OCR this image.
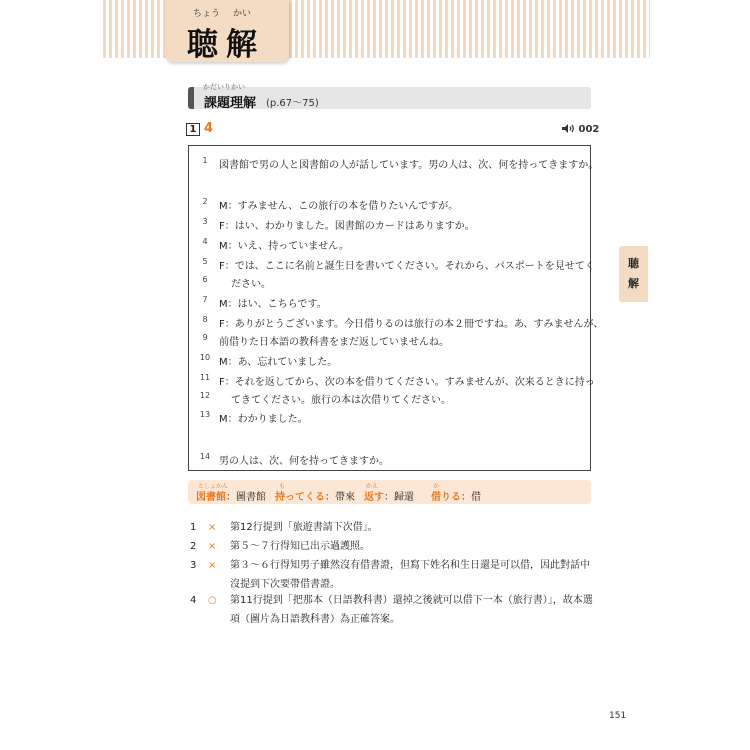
ちょう かい
聴解
かだいりかい
課題理解 (p.67～75)
1 4	002
1	図書館で男の人と図書館の人が話しています。男の人は、次、何を持ってきますか。
2	M：すみません、この旅行の本を借りたいんですが。
3	F：はい、わかりました。図書館のカードはありますか。
4	M：いえ、持っていません。
5	F：では、ここに名前と誕生日を書いてください。それから、パスポートを見せてく
6	ださい。
7	M：はい、こちらです。
8	F：ありがとうございます。今日借りるのは旅行の本２冊ですね。あ、すみませんが、
9	前借りた日本語の教科書をまだ返していませんね。
10 M：あ、忘れていました。
11 F：それを返してから、次の本を借りてください。すみませんが、次来るときに持っ
12 てきてください。旅行の本は次借りてください。
13 M：わかりました。
14 男の人は、次、何を持ってきますか。
としょかん
図書館：圖書館
も
持ってくる：帶來
かえ
返す：歸還
か
借りる：借
1 × 第12行提到「旅遊書請下次借」。
2 × 第５～７行得知已出示過護照。
3 × 第３～６行得知男子雖然沒有借書證，但寫下姓名和生日還是可以借，因此對話中沒提到下次要帶借書證。
4 ○ 第11行提到「把那本（日語教科書）還掉之後就可以借下一本（旅行書）」，故本選項（圖片為日語教科書）為正確答案。
聴
解
151
